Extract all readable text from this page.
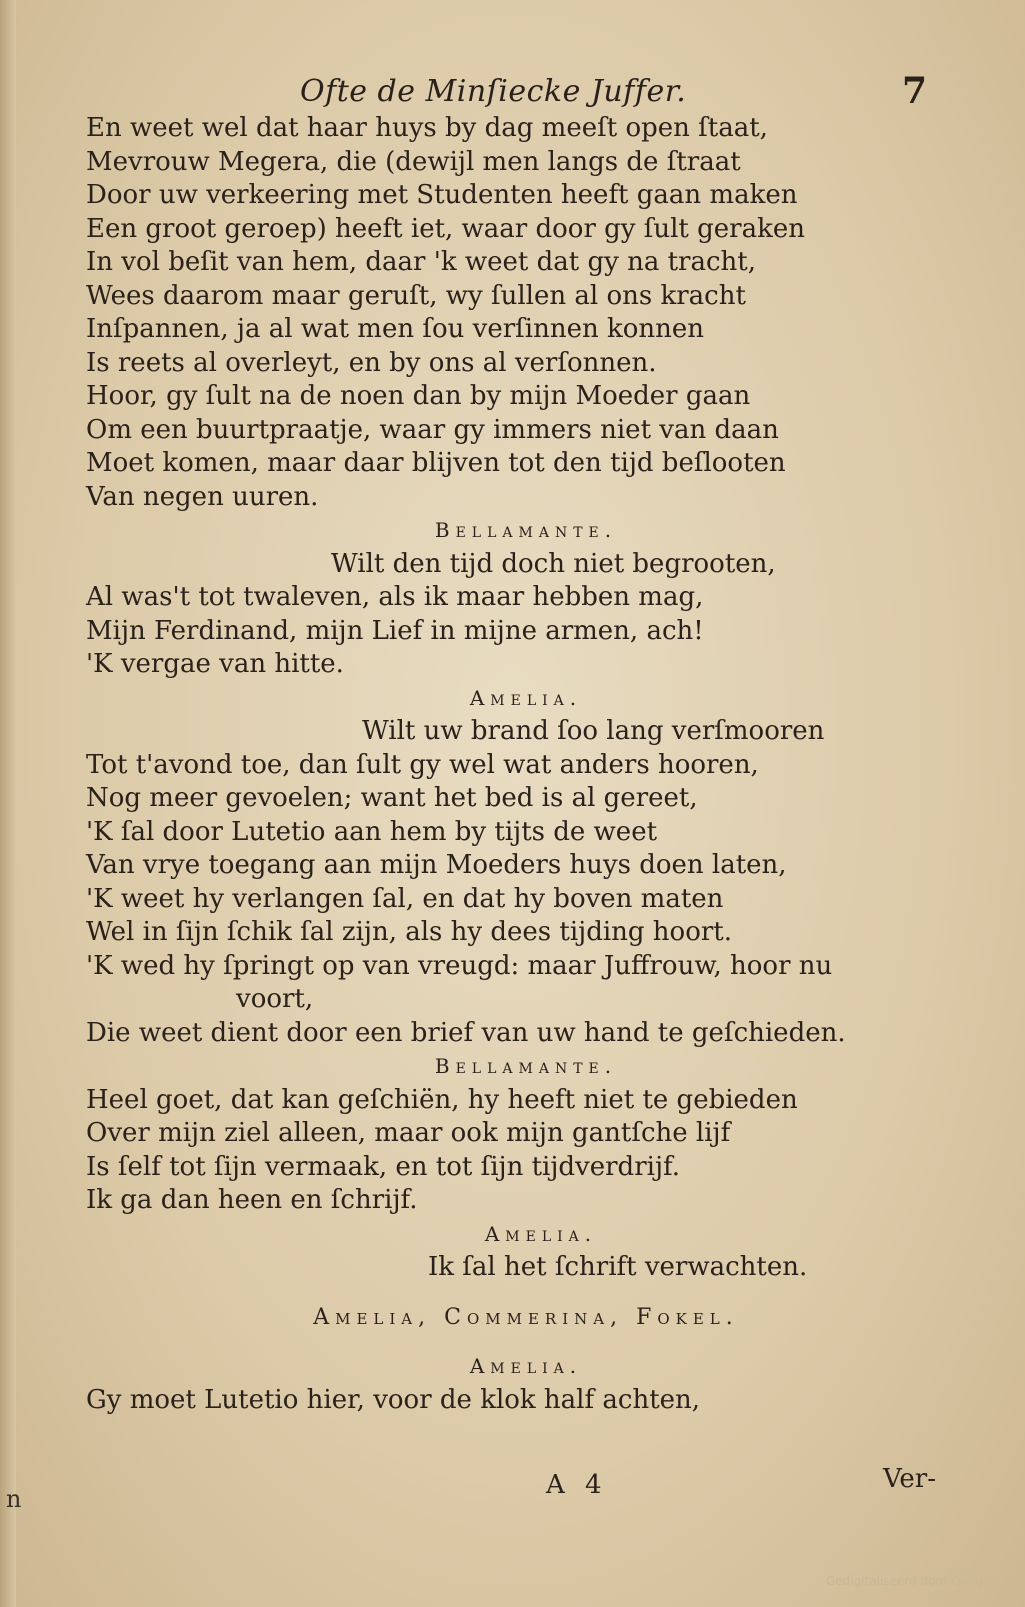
Ofte de Minſiecke Juffer.	7
En weet wel dat haar huys by dag meeſt open ſtaat,
Mevrouw Megera, die (dewijl men langs de ſtraat
Door uw verkeering met Studenten heeft gaan maken
Een groot geroep) heeft iet, waar door gy ſult geraken
In vol beſit van hem, daar 'k weet dat gy na tracht,
Wees daarom maar geruſt, wy ſullen al ons kracht
Inſpannen, ja al wat men ſou verſinnen konnen
Is reets al overleyt, en by ons al verſonnen.
Hoor, gy ſult na de noen dan by mijn Moeder gaan
Om een buurtpraatje, waar gy immers niet van daan
Moet komen, maar daar blijven tot den tijd beſlooten
Van negen uuren.
Bellamante.
Wilt den tijd doch niet begrooten,
Al was't tot twaleven, als ik maar hebben mag,
Mijn Ferdinand, mijn Lief in mijne armen, ach!
'K vergae van hitte.
Amelia.
Wilt uw brand ſoo lang verſmooren
Tot t'avond toe, dan ſult gy wel wat anders hooren,
Nog meer gevoelen; want het bed is al gereet,
'K ſal door Lutetio aan hem by tijts de weet
Van vrye toegang aan mijn Moeders huys doen laten,
'K weet hy verlangen ſal, en dat hy boven maten
Wel in ſijn ſchik ſal zijn, als hy dees tijding hoort.
'K wed hy ſpringt op van vreugd: maar Juffrouw, hoor nu
voort,
Die weet dient door een brief van uw hand te geſchieden.
Bellamante.
Heel goet, dat kan geſchiën, hy heeft niet te gebieden
Over mijn ziel alleen, maar ook mijn gantſche lijf
Is ſelf tot ſijn vermaak, en tot ſijn tijdverdrijf.
Ik ga dan heen en ſchrijf.
Amelia.
Ik ſal het ſchrift verwachten.
Amelia, Commerina, Fokel.
Amelia.
Gy moet Lutetio hier, voor de klok half achten,
A 4	Ver-
n
Gedigitaliseerd door Google
